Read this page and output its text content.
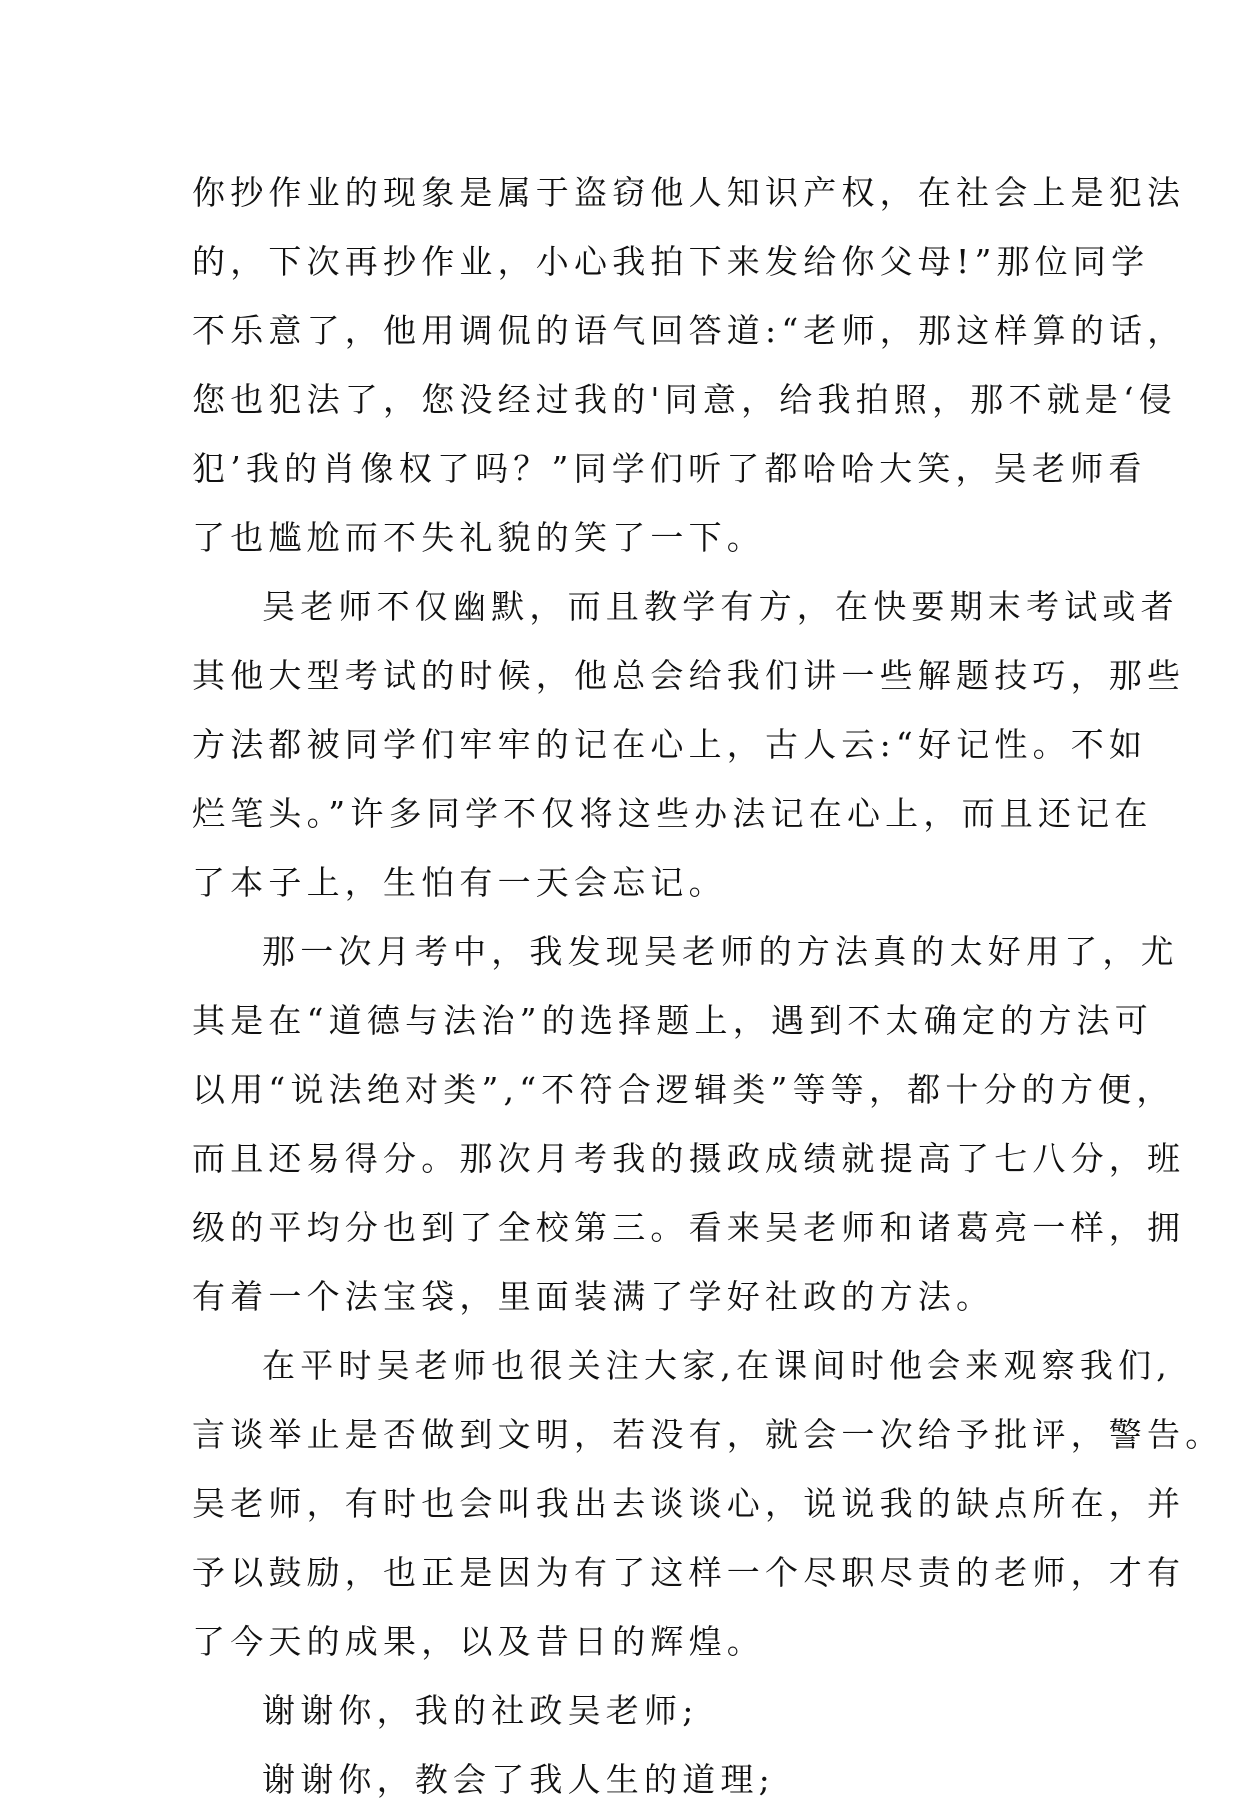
你抄作业的现象是属于盗窃他人知识产权，在社会上是犯法
的，下次再抄作业，小心我拍下来发给你父母!”那位同学
不乐意了，他用调侃的语气回答道:“老师，那这样算的话，
您也犯法了，您没经过我的'同意，给我拍照，那不就是‘侵
犯’我的肖像权了吗？”同学们听了都哈哈大笑，吴老师看
了也尴尬而不失礼貌的笑了一下。
吴老师不仅幽默，而且教学有方，在快要期末考试或者
其他大型考试的时候，他总会给我们讲一些解题技巧，那些
方法都被同学们牢牢的记在心上，古人云:“好记性。不如
烂笔头。”许多同学不仅将这些办法记在心上，而且还记在
了本子上，生怕有一天会忘记。
那一次月考中，我发现吴老师的方法真的太好用了，尤
其是在“道德与法治”的选择题上，遇到不太确定的方法可
以用“说法绝对类”,“不符合逻辑类”等等，都十分的方便，
而且还易得分。那次月考我的摄政成绩就提高了七八分，班
级的平均分也到了全校第三。看来吴老师和诸葛亮一样，拥
有着一个法宝袋，里面装满了学好社政的方法。
在平时吴老师也很关注大家,在课间时他会来观察我们,
言谈举止是否做到文明，若没有，就会一次给予批评，警告。
吴老师，有时也会叫我出去谈谈心，说说我的缺点所在，并
予以鼓励，也正是因为有了这样一个尽职尽责的老师，才有
了今天的成果，以及昔日的辉煌。
谢谢你，我的社政吴老师;
谢谢你，教会了我人生的道理;
